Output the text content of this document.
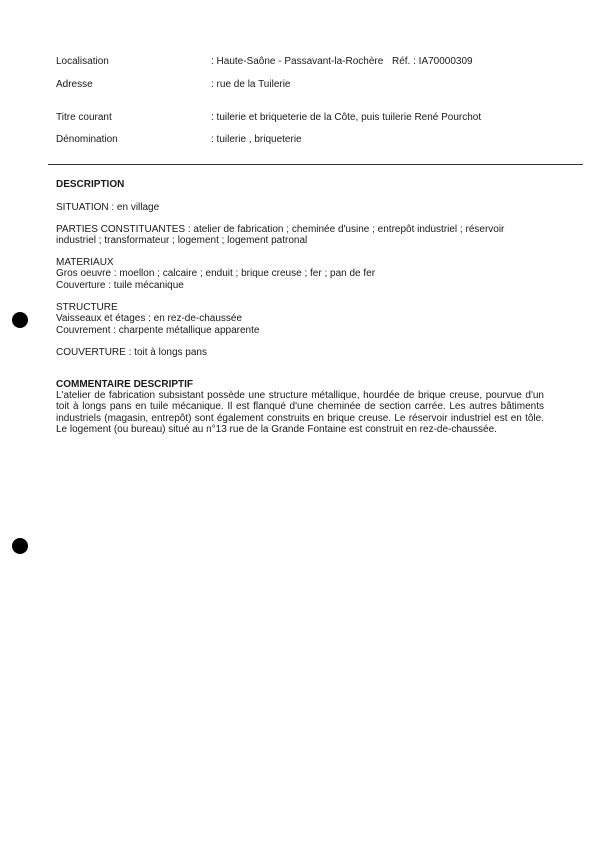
Localisation	: Haute-Saône - Passavant-la-Rochère Réf. : IA70000309
Adresse	: rue de la Tuilerie
Titre courant	: tuilerie et briqueterie de la Côte, puis tuilerie René Pourchot
Dénomination	: tuilerie , briqueterie
DESCRIPTION
SITUATION : en village

PARTIES CONSTITUANTES : atelier de fabrication ; cheminée d'usine ; entrepôt industriel ; réservoir

industriel ; transformateur ; logement ; logement patronal

MATERIAUX

Gros oeuvre : moellon ; calcaire ; enduit ; brique creuse ; fer ; pan de fer

Couverture : tuile mécanique

STRUCTURE

Vaisseaux et étages : en rez-de-chaussée

Couvrement : charpente métallique apparente

COUVERTURE : toit à longs pans
COMMENTAIRE DESCRIPTIF
L'atelier de fabrication subsistant possède une structure métallique, hourdée de brique creuse, pourvue d'un toit à longs pans en tuile mécanique. Il est flanqué d'une cheminée de section carrée. Les autres bâtiments industriels (magasin, entrepôt) sont également construits en brique creuse. Le réservoir industriel est en tôle. Le logement (ou bureau) situé au n°13 rue de la Grande Fontaine est construit en rez-de-chaussée.
